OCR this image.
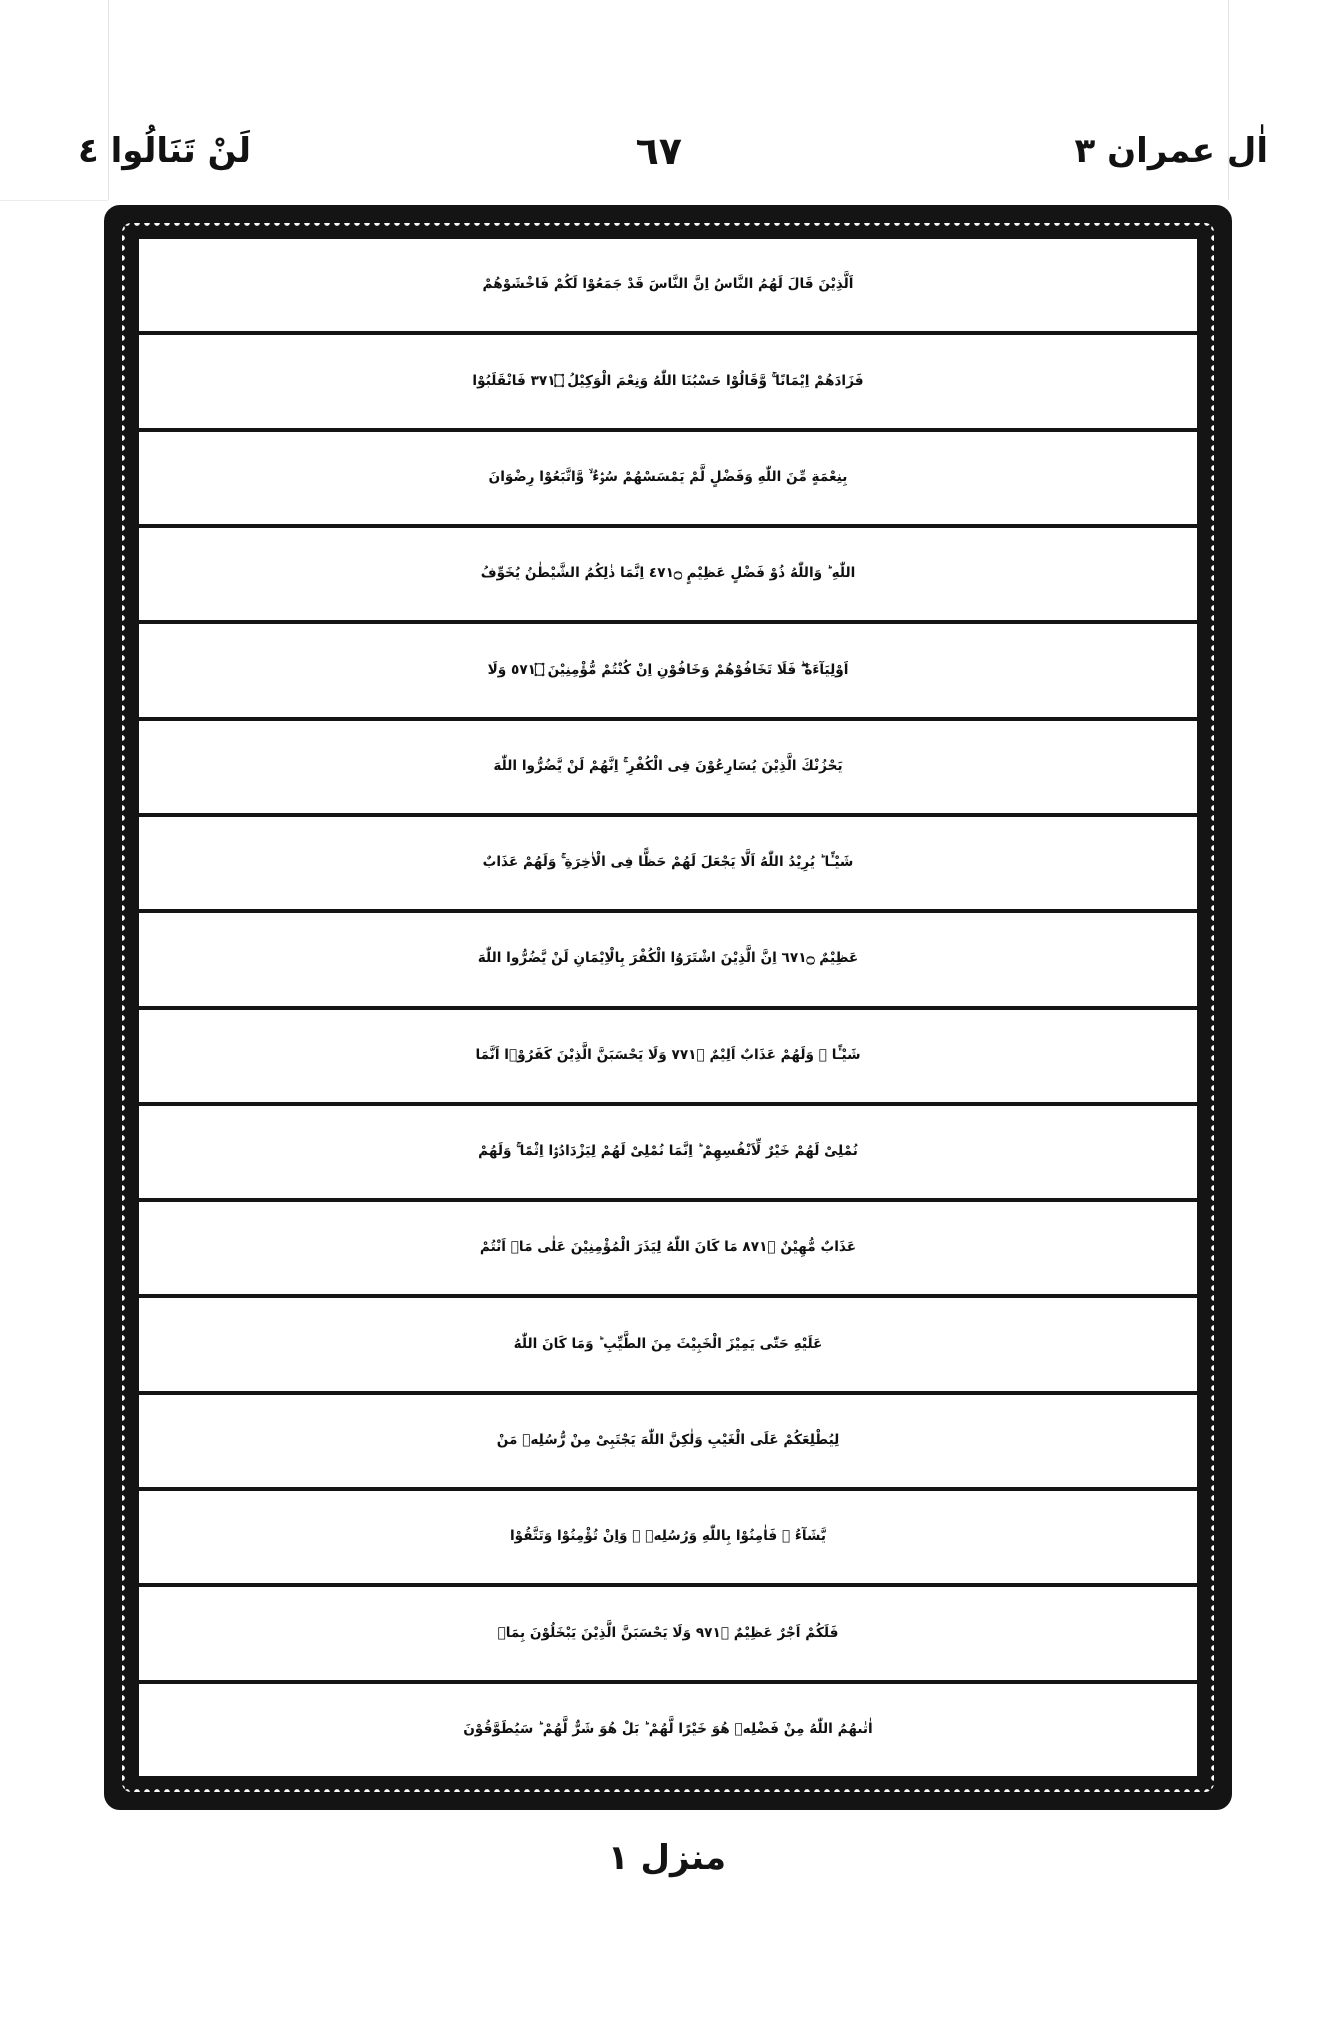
اٰل عمران ٣
٦٧
لَنْ تَنَالُوا ٤
اَلَّذِيْنَ قَالَ لَهُمُ النَّاسُ اِنَّ النَّاسَ قَدْ جَمَعُوْا لَكُمْ فَاخْشَوْهُمْ
فَزَادَهُمْ اِيْمَانًا ۚ وَّقَالُوْا حَسْبُنَا اللّٰهُ وَنِعْمَ الْوَكِيْلُ ۝١٧٣ فَانْقَلَبُوْا
بِنِعْمَةٍ مِّنَ اللّٰهِ وَفَضْلٍ لَّمْ يَمْسَسْهُمْ سُوْۤءٌ ۙ وَّاتَّبَعُوْا رِضْوَانَ
اللّٰهِ ؕ وَاللّٰهُ ذُوْ فَضْلٍ عَظِيْمٍ ۝١٧٤ اِنَّمَا ذٰلِكُمُ الشَّيْطٰنُ يُخَوِّفُ
اَوْلِيَآءَهٗ ۖ فَلَا تَخَافُوْهُمْ وَخَافُوْنِ اِنْ كُنْتُمْ مُّؤْمِنِيْنَ ۝١٧٥ وَلَا
يَحْزُنْكَ الَّذِيْنَ يُسَارِعُوْنَ فِى الْكُفْرِ ۚ اِنَّهُمْ لَنْ يَّضُرُّوا اللّٰهَ
شَيْـًٔا ؕ يُرِيْدُ اللّٰهُ اَلَّا يَجْعَلَ لَهُمْ حَظًّا فِى الْاٰخِرَةِ ۚ وَلَهُمْ عَذَابٌ
عَظِيْمٌ ۝١٧٦ اِنَّ الَّذِيْنَ اشْتَرَوُا الْكُفْرَ بِالْاِيْمَانِ لَنْ يَّضُرُّوا اللّٰهَ
شَيْـًٔا ۚ وَلَهُمْ عَذَابٌ اَلِيْمٌ ۝١٧٧ وَلَا يَحْسَبَنَّ الَّذِيْنَ كَفَرُوْۤا اَنَّمَا
نُمْلِىْ لَهُمْ خَيْرٌ لِّاَنْفُسِهِمْ ؕ اِنَّمَا نُمْلِىْ لَهُمْ لِيَزْدَادُوْۤا اِثْمًا ۚ وَلَهُمْ
عَذَابٌ مُّهِيْنٌ ۝١٧٨ مَا كَانَ اللّٰهُ لِيَذَرَ الْمُؤْمِنِيْنَ عَلٰى مَاۤ اَنْتُمْ
عَلَيْهِ حَتّٰى يَمِيْزَ الْخَبِيْثَ مِنَ الطَّيِّبِ ؕ وَمَا كَانَ اللّٰهُ
لِيُطْلِعَكُمْ عَلَى الْغَيْبِ وَلٰكِنَّ اللّٰهَ يَجْتَبِىْ مِنْ رُّسُلِهٖ مَنْ
يَّشَآءُ ۖ فَاٰمِنُوْا بِاللّٰهِ وَرُسُلِهٖ ۚ وَاِنْ تُؤْمِنُوْا وَتَتَّقُوْا
فَلَكُمْ اَجْرٌ عَظِيْمٌ ۝١٧٩ وَلَا يَحْسَبَنَّ الَّذِيْنَ يَبْخَلُوْنَ بِمَاۤ
اٰتٰىهُمُ اللّٰهُ مِنْ فَضْلِهٖ هُوَ خَيْرًا لَّهُمْ ؕ بَلْ هُوَ شَرٌّ لَّهُمْ ؕ سَيُطَوَّقُوْنَ
منزل ١
